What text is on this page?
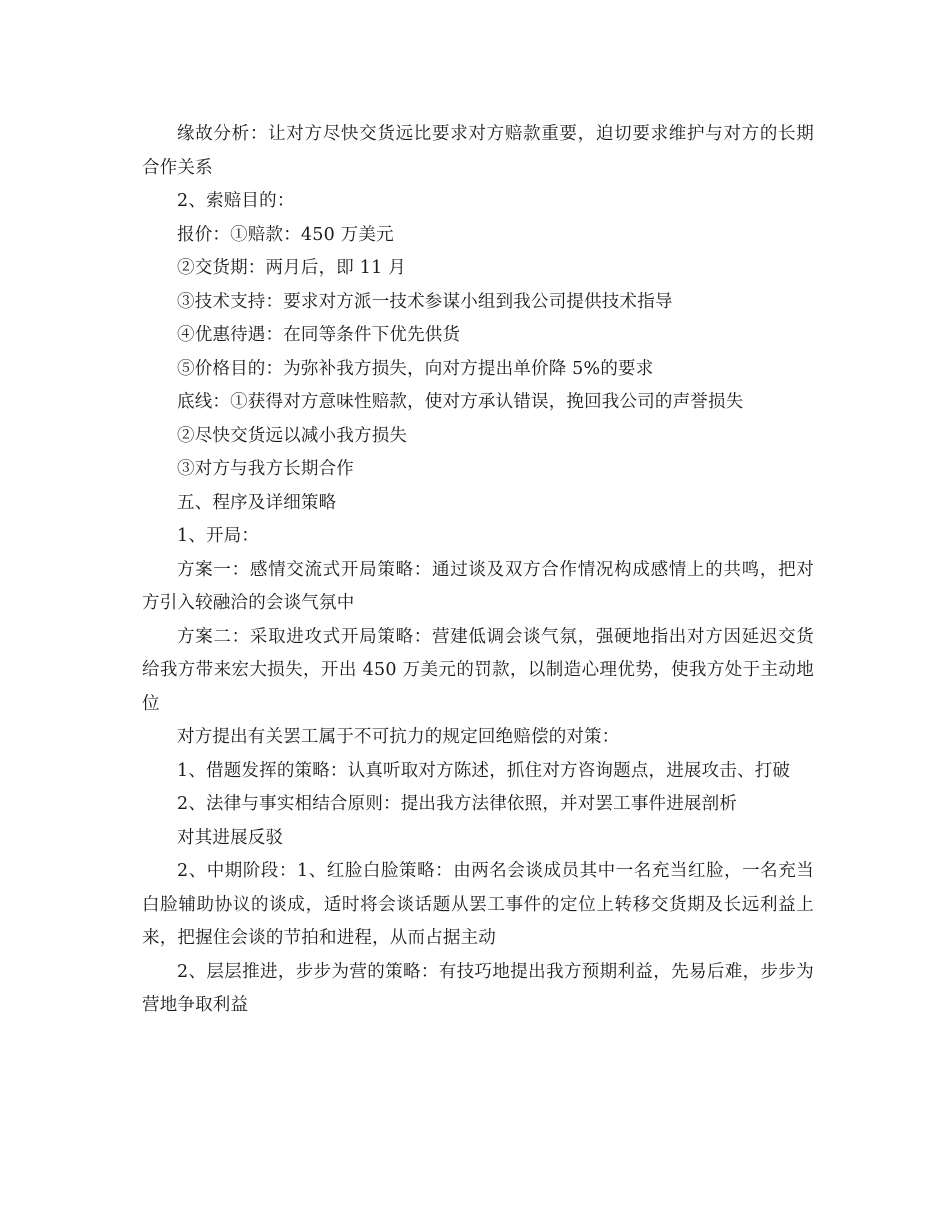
缘故分析：让对方尽快交货远比要求对方赔款重要，迫切要求维护与对方的长期合作关系

2、索赔目的：

报价：①赔款：450 万美元

②交货期：两月后，即 11 月

③技术支持：要求对方派一技术参谋小组到我公司提供技术指导

④优惠待遇：在同等条件下优先供货

⑤价格目的：为弥补我方损失，向对方提出单价降 5%的要求

底线：①获得对方意味性赔款，使对方承认错误，挽回我公司的声誉损失

②尽快交货远以减小我方损失

③对方与我方长期合作

五、程序及详细策略

1、开局：

方案一：感情交流式开局策略：通过谈及双方合作情况构成感情上的共鸣，把对方引入较融洽的会谈气氛中

方案二：采取进攻式开局策略：营建低调会谈气氛，强硬地指出对方因延迟交货给我方带来宏大损失，开出 450 万美元的罚款，以制造心理优势，使我方处于主动地位

对方提出有关罢工属于不可抗力的规定回绝赔偿的对策：

1、借题发挥的策略：认真听取对方陈述，抓住对方咨询题点，进展攻击、打破

2、法律与事实相结合原则：提出我方法律依照，并对罢工事件进展剖析

对其进展反驳

2、中期阶段：1、红脸白脸策略：由两名会谈成员其中一名充当红脸，一名充当白脸辅助协议的谈成，适时将会谈话题从罢工事件的定位上转移交货期及长远利益上来，把握住会谈的节拍和进程，从而占据主动

2、层层推进，步步为营的策略：有技巧地提出我方预期利益，先易后难，步步为营地争取利益
